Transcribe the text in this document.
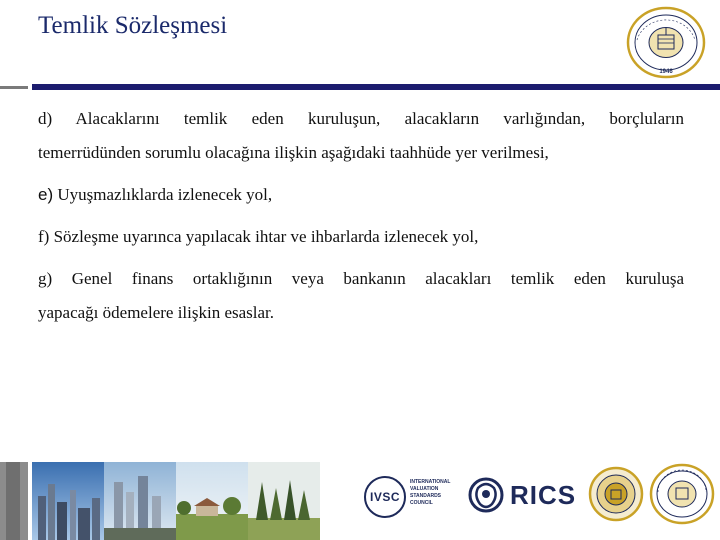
Temlik Sözleşmesi
1946

d) Alacaklarını temlik eden kuruluşun, alacakların varlığından, borçluların
temerrüdünden sorumlu olacağına ilişkin aşağıdaki taahhüde yer verilmesi,

e) Uyuşmazlıklarda izlenecek yol,

f) Sözleşme uyarınca yapılacak ihtar ve ihbarlarda izlenecek yol,

g) Genel finans ortaklığının veya bankanın alacakları temlik eden kuruluşa
yapacağı ödemelere ilişkin esaslar.

IVSC
INTERNATIONAL
VALUATION
STANDARDS
COUNCIL	RICS
